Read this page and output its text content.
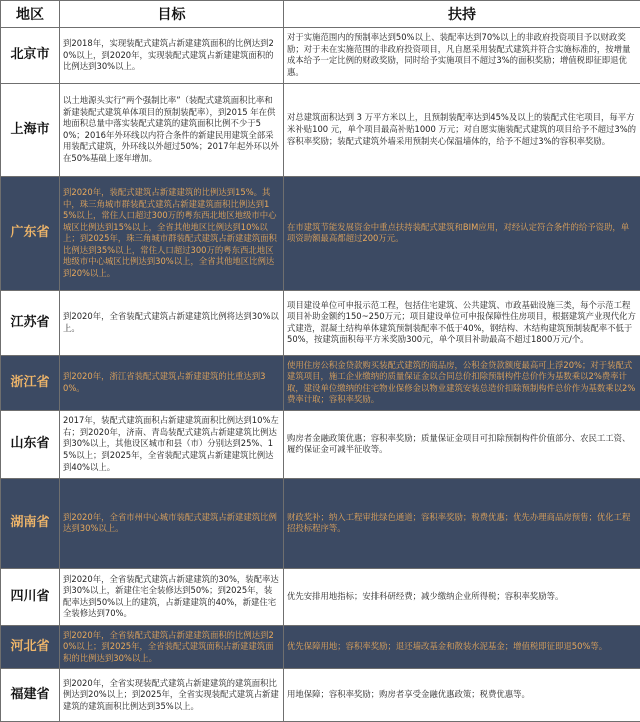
地区	目标	扶持
北京市	到2018年，实现装配式建筑占新建建筑面积的比例达到20%以上，到2020年，实现装配式建筑占新建建筑面积的比例达到30%以上。	对于实施范围内的预制率达到50%以上、装配率达到70%以上的非政府投资项目予以财政奖励；对于未在实施范围的非政府投资项目，凡自愿采用装配式建筑并符合实施标准的，按增量成本给予一定比例的财政奖励，同时给予实施项目不超过3%的面积奖励；增值税即征即退优惠。
上海市	以土地源头实行“两个强制比率”（装配式建筑面积比率和新建装配式建筑单体项目的预制装配率），到2015 年在供地面积总量中落实装配式建筑的建筑面积比例不少于50%；2016年外环线以内符合条件的新建民用建筑全部采用装配式建筑，外环线以外超过50%；2017年起外环以外在50%基础上逐年增加。	对总建筑面积达到 3 万平方米以上，且预制装配率达到45%及以上的装配式住宅项目，每平方米补贴100 元，单个项目最高补贴1000 万元；对自愿实施装配式建筑的项目给予不超过3%的容积率奖励；装配式建筑外墙采用预制夹心保温墙体的，给予不超过3%的容积率奖励。
广东省	到2020年，装配式建筑占新建建筑的比例达到15%。其中，珠三角城市群装配式建筑占新建建筑面积比例达到15%以上，常住人口超过300万的粤东西北地区地级市中心城区比例达到15%以上，全省其他地区比例达到10%以上；到2025年，珠三角城市群装配式建筑占新建建筑面积比例达到35%以上，常住人口超过300万的粤东西北地区地级市中心城区比例达到30%以上，全省其他地区比例达到20%以上。	在市建筑节能发展资金中重点扶持装配式建筑和BIM应用，对经认定符合条件的给予资助，单项资助额最高都超过200万元。
江苏省	到2020年，全省装配式建筑占新建建筑比例将达到30%以上。	项目建设单位可申报示范工程，包括住宅建筑、公共建筑、市政基础设施三类，每个示范工程项目补助金额约150~250万元；项目建设单位可申报保障性住房项目，根据建筑产业现代化方式建造，混凝土结构单体建筑预制装配率不低于40%，钢结构、木结构建筑预制装配率不低于50%，按建筑面积每平方米奖励300元，单个项目补助最高不超过1800万元/个。
浙江省	到2020年，浙江省装配式建筑占新建建筑的比重达到30%。	使用住房公积金贷款购买装配式建筑的商品房，公积金贷款额度最高可上浮20%；对于装配式建筑项目，施工企业缴纳的质量保证金以合同总价扣除预制构件总价作为基数乘以2%费率计取，建设单位缴纳的住宅物业保修金以物业建筑安装总造价扣除预制构件总价作为基数乘以2%费率计取；容积率奖励。
山东省	2017年，装配式建筑面积占新建建筑面积比例达到10%左右；到2020年，济南、青岛装配式建筑占新建建筑比例达到30%以上，其他设区城市和县（市）分别达到25%、15%以上；到2025年，全省装配式建筑占新建建筑比例达到40%以上。	购房者金融政策优惠；容积率奖励；质量保证金项目可扣除预制构件价值部分、农民工工资、履约保证金可减半征收等。
湖南省	到2020年，全省市州中心城市装配式建筑占新建建筑比例达到30%以上。	财政奖补；纳入工程审批绿色通道；容积率奖励；税费优惠；优先办理商品房预售；优化工程招投标程序等。
四川省	到2020年，全省装配式建筑占新建建筑的30%，装配率达到30%以上，新建住宅全装修达到50%；到2025年，装配率达到50%以上的建筑，占新建建筑的40%，新建住宅全装修达到70%。	优先安排用地指标；安排科研经费；减少缴纳企业所得税；容积率奖励等。
河北省	到2020年，全省装配式建筑占新建建筑面积的比例达到20%以上；到2025年，全省装配式建筑面积占新建建筑面积的比例达到30%以上。	优先保障用地；容积率奖励；退还墙改基金和散装水泥基金；增值税即征即退50%等。
福建省	到2020年，全省实现装配式建筑占新建建筑的建筑面积比例达到20%以上；到2025年，全省实现装配式建筑占新建建筑的建筑面积比例达到35%以上。	用地保障；容积率奖励；购房者享受金融优惠政策；税费优惠等。
